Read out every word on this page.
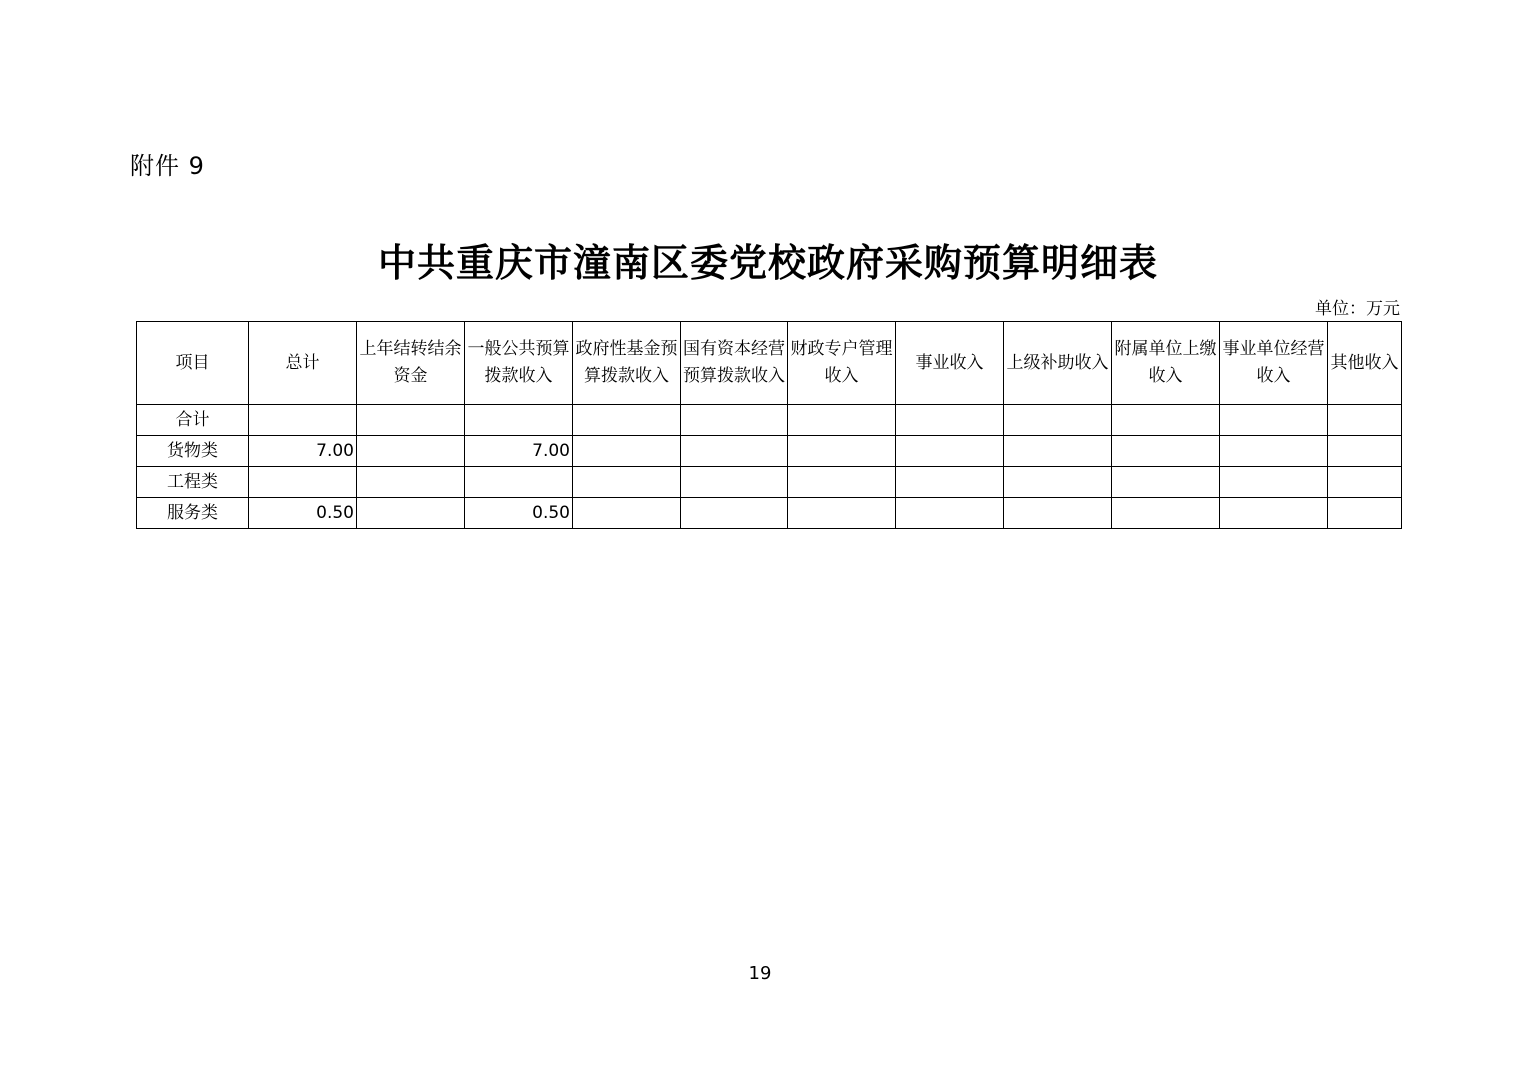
附件 9
中共重庆市潼南区委党校政府采购预算明细表
单位：万元
项目	总计	上年结转结余资金	一般公共预算拨款收入	政府性基金预算拨款收入	国有资本经营预算拨款收入	财政专户管理收入	事业收入	上级补助收入	附属单位上缴收入	事业单位经营收入	其他收入
合计											
货物类	7.00		7.00								
工程类											
服务类	0.50		0.50								
19
